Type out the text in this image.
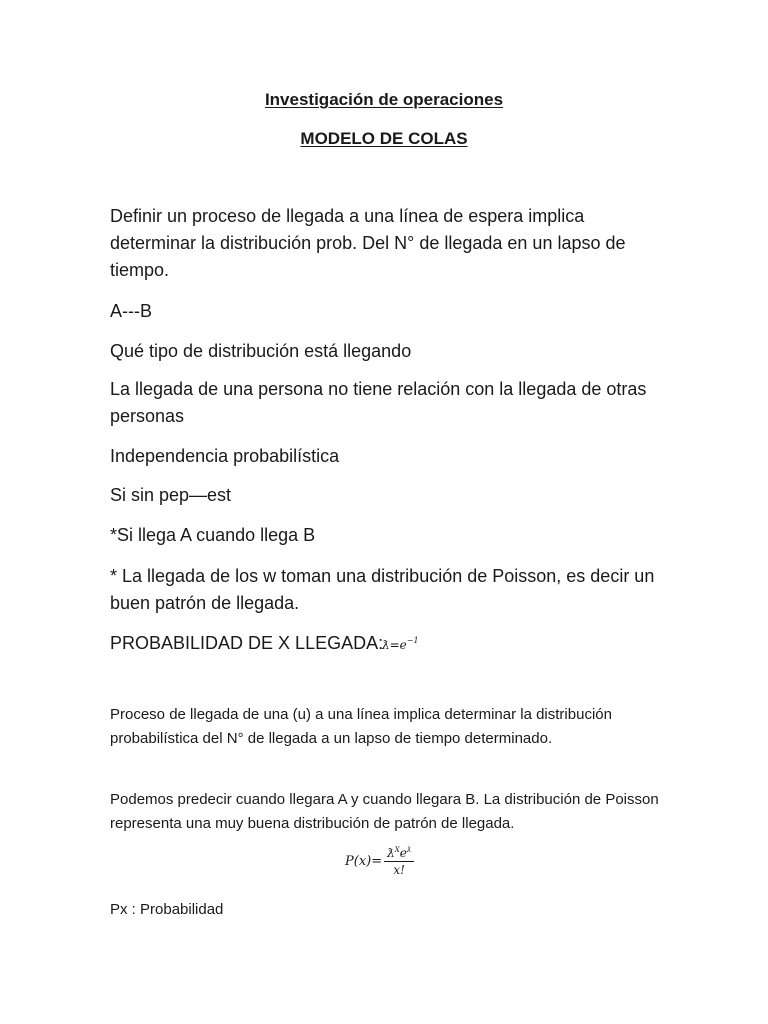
Investigación de operaciones
MODELO DE COLAS
Definir un proceso de llegada a una línea de espera implica determinar la distribución prob. Del N° de llegada en un lapso de tiempo.
A---B
Qué tipo de distribución está llegando
La llegada de una persona no tiene relación con la llegada de otras personas
Independencia probabilística
Si sin pep—est
*Si llega A cuando llega B
* La llegada de los w toman una distribución de Poisson, es decir un buen patrón de llegada.
PROBABILIDAD DE X LLEGADA:
$ƛ=e^{-1}$
Proceso de llegada de una (u) a una línea implica determinar la distribución probabilística del N° de llegada a un lapso de tiempo determinado.
Podemos predecir cuando llegara A y cuando llegara B. La distribución de Poisson representa una muy buena distribución de patrón de llegada.
$P(x)= \frac{ƛ^Xe^ƛ}{x!}$
Px : Probabilidad
